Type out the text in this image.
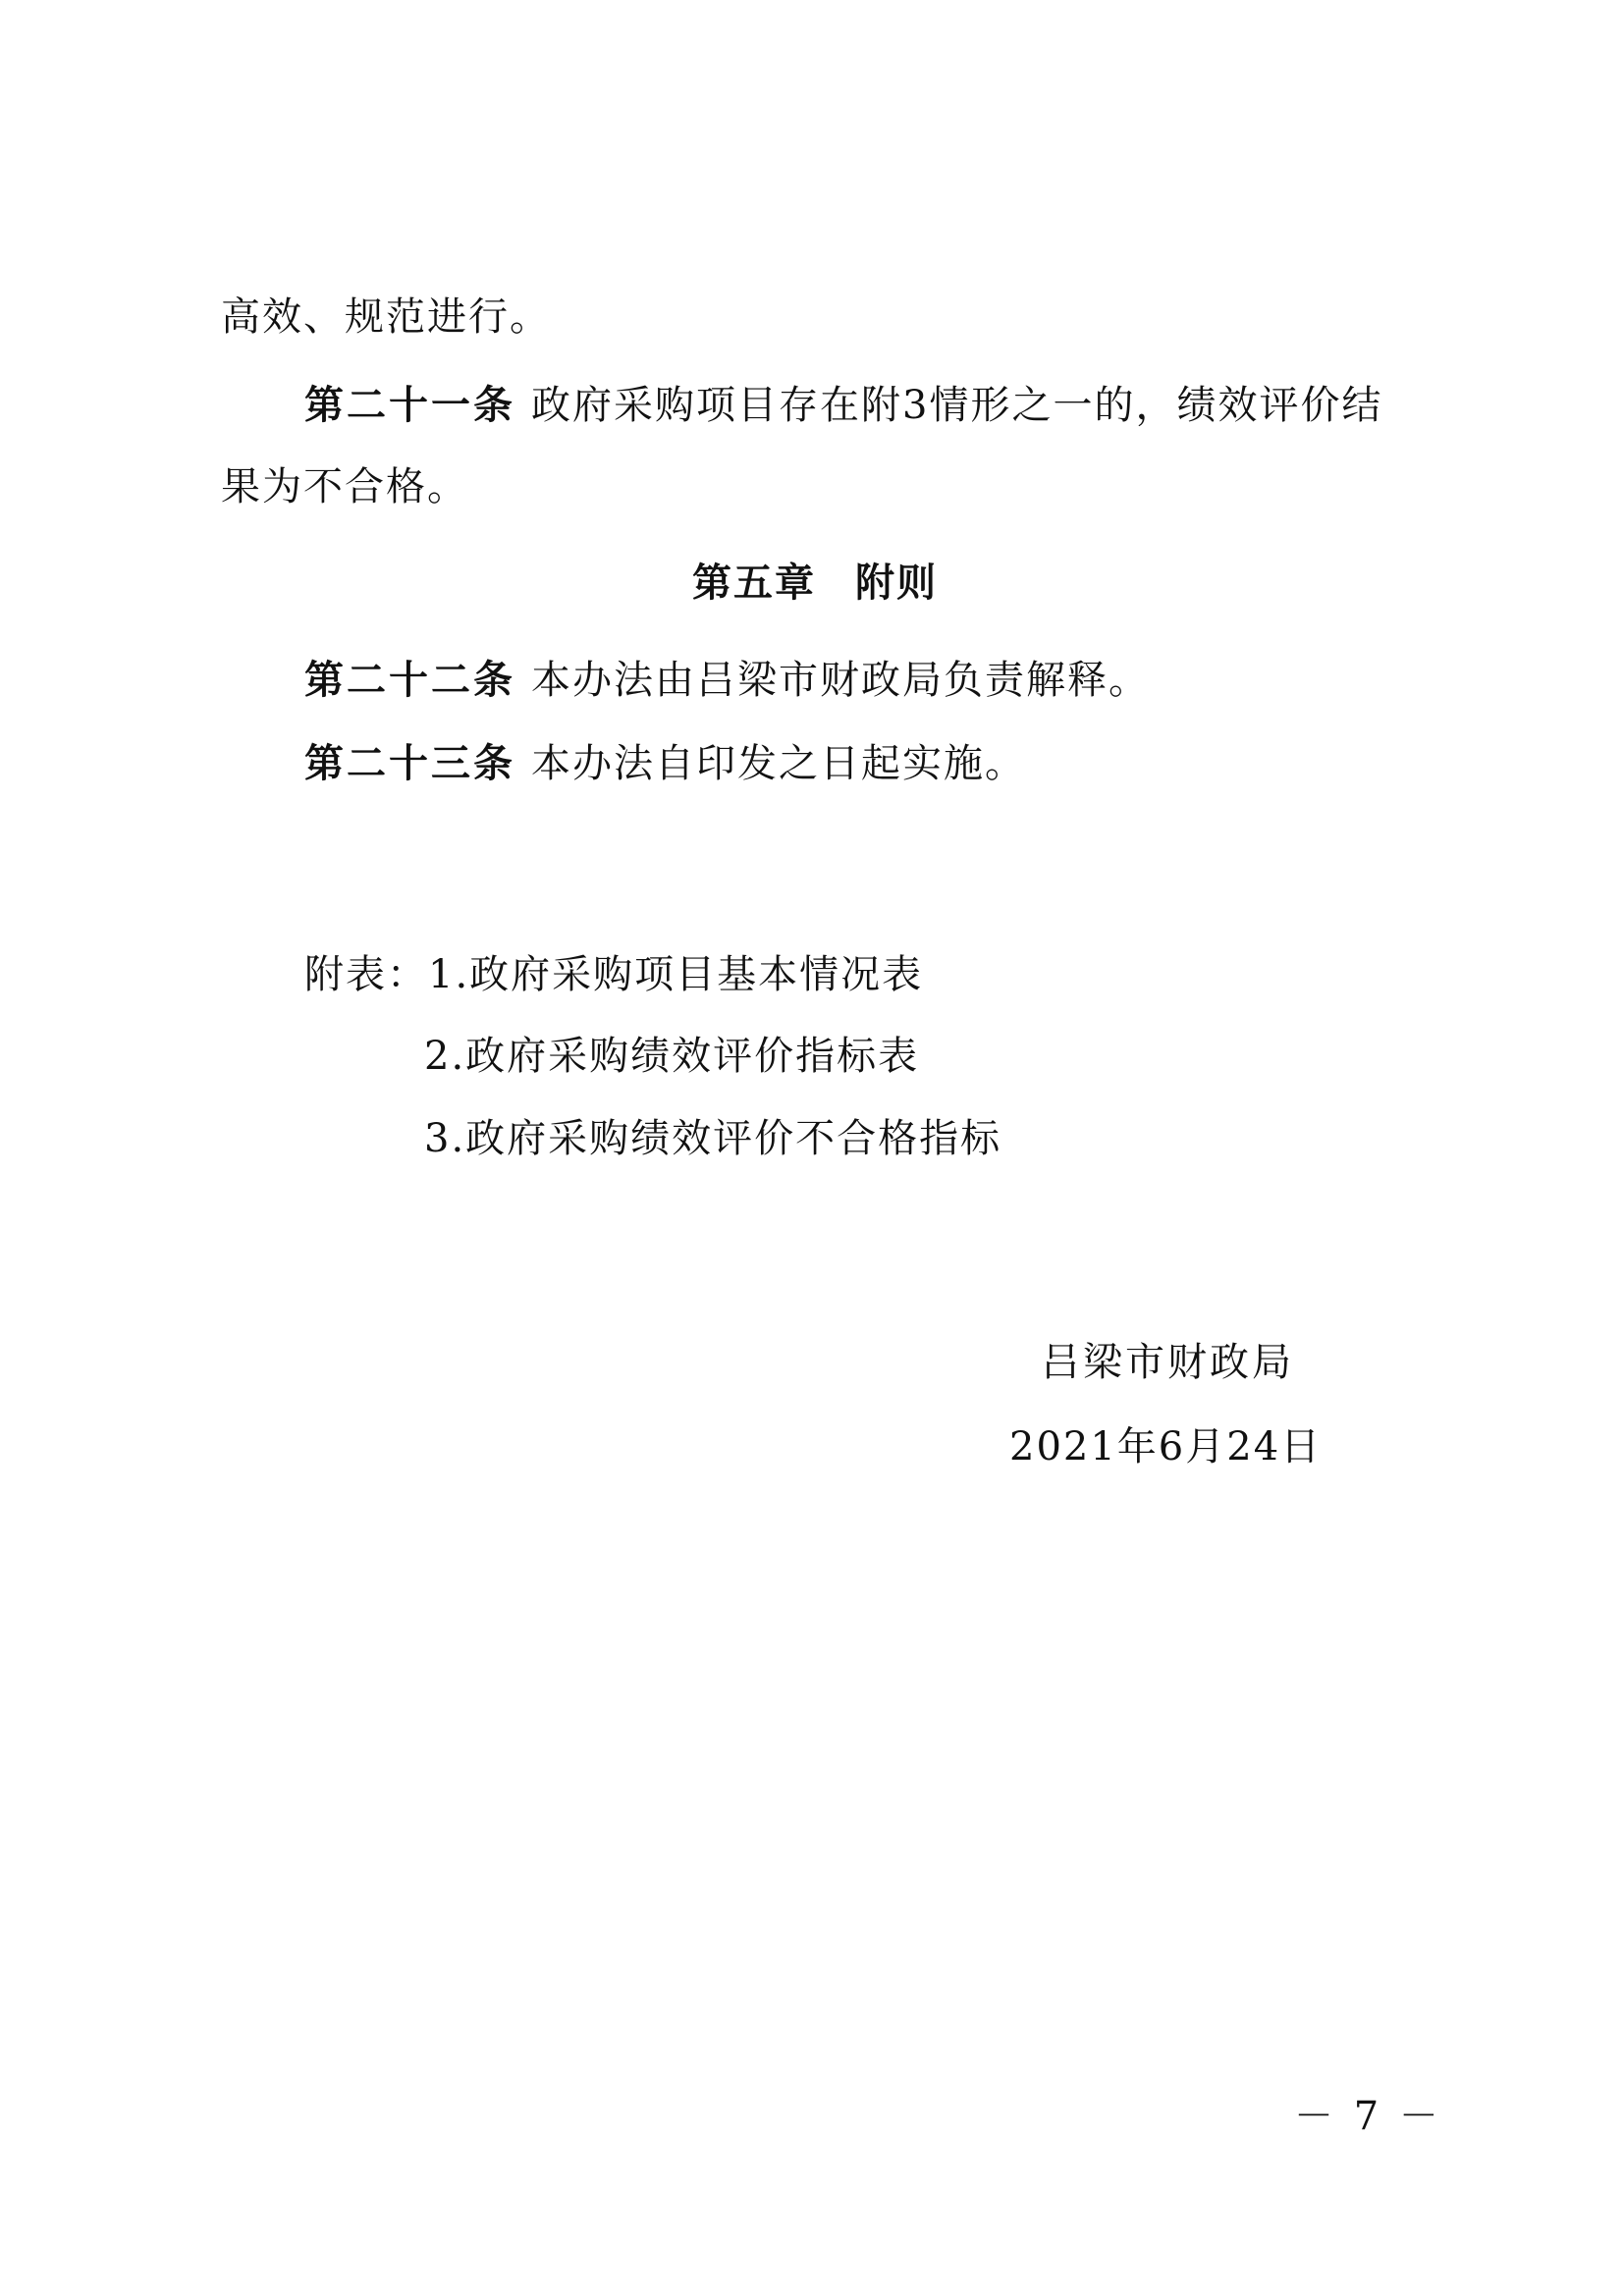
高效、规范进行。
第二十一条 政府采购项目存在附3情形之一的，绩效评价结
果为不合格。
第五章 附则
第二十二条 本办法由吕梁市财政局负责解释。
第二十三条 本办法自印发之日起实施。
附表：1.政府采购项目基本情况表
2.政府采购绩效评价指标表
3.政府采购绩效评价不合格指标
吕梁市财政局
2021年6月24日
－ 7 －
